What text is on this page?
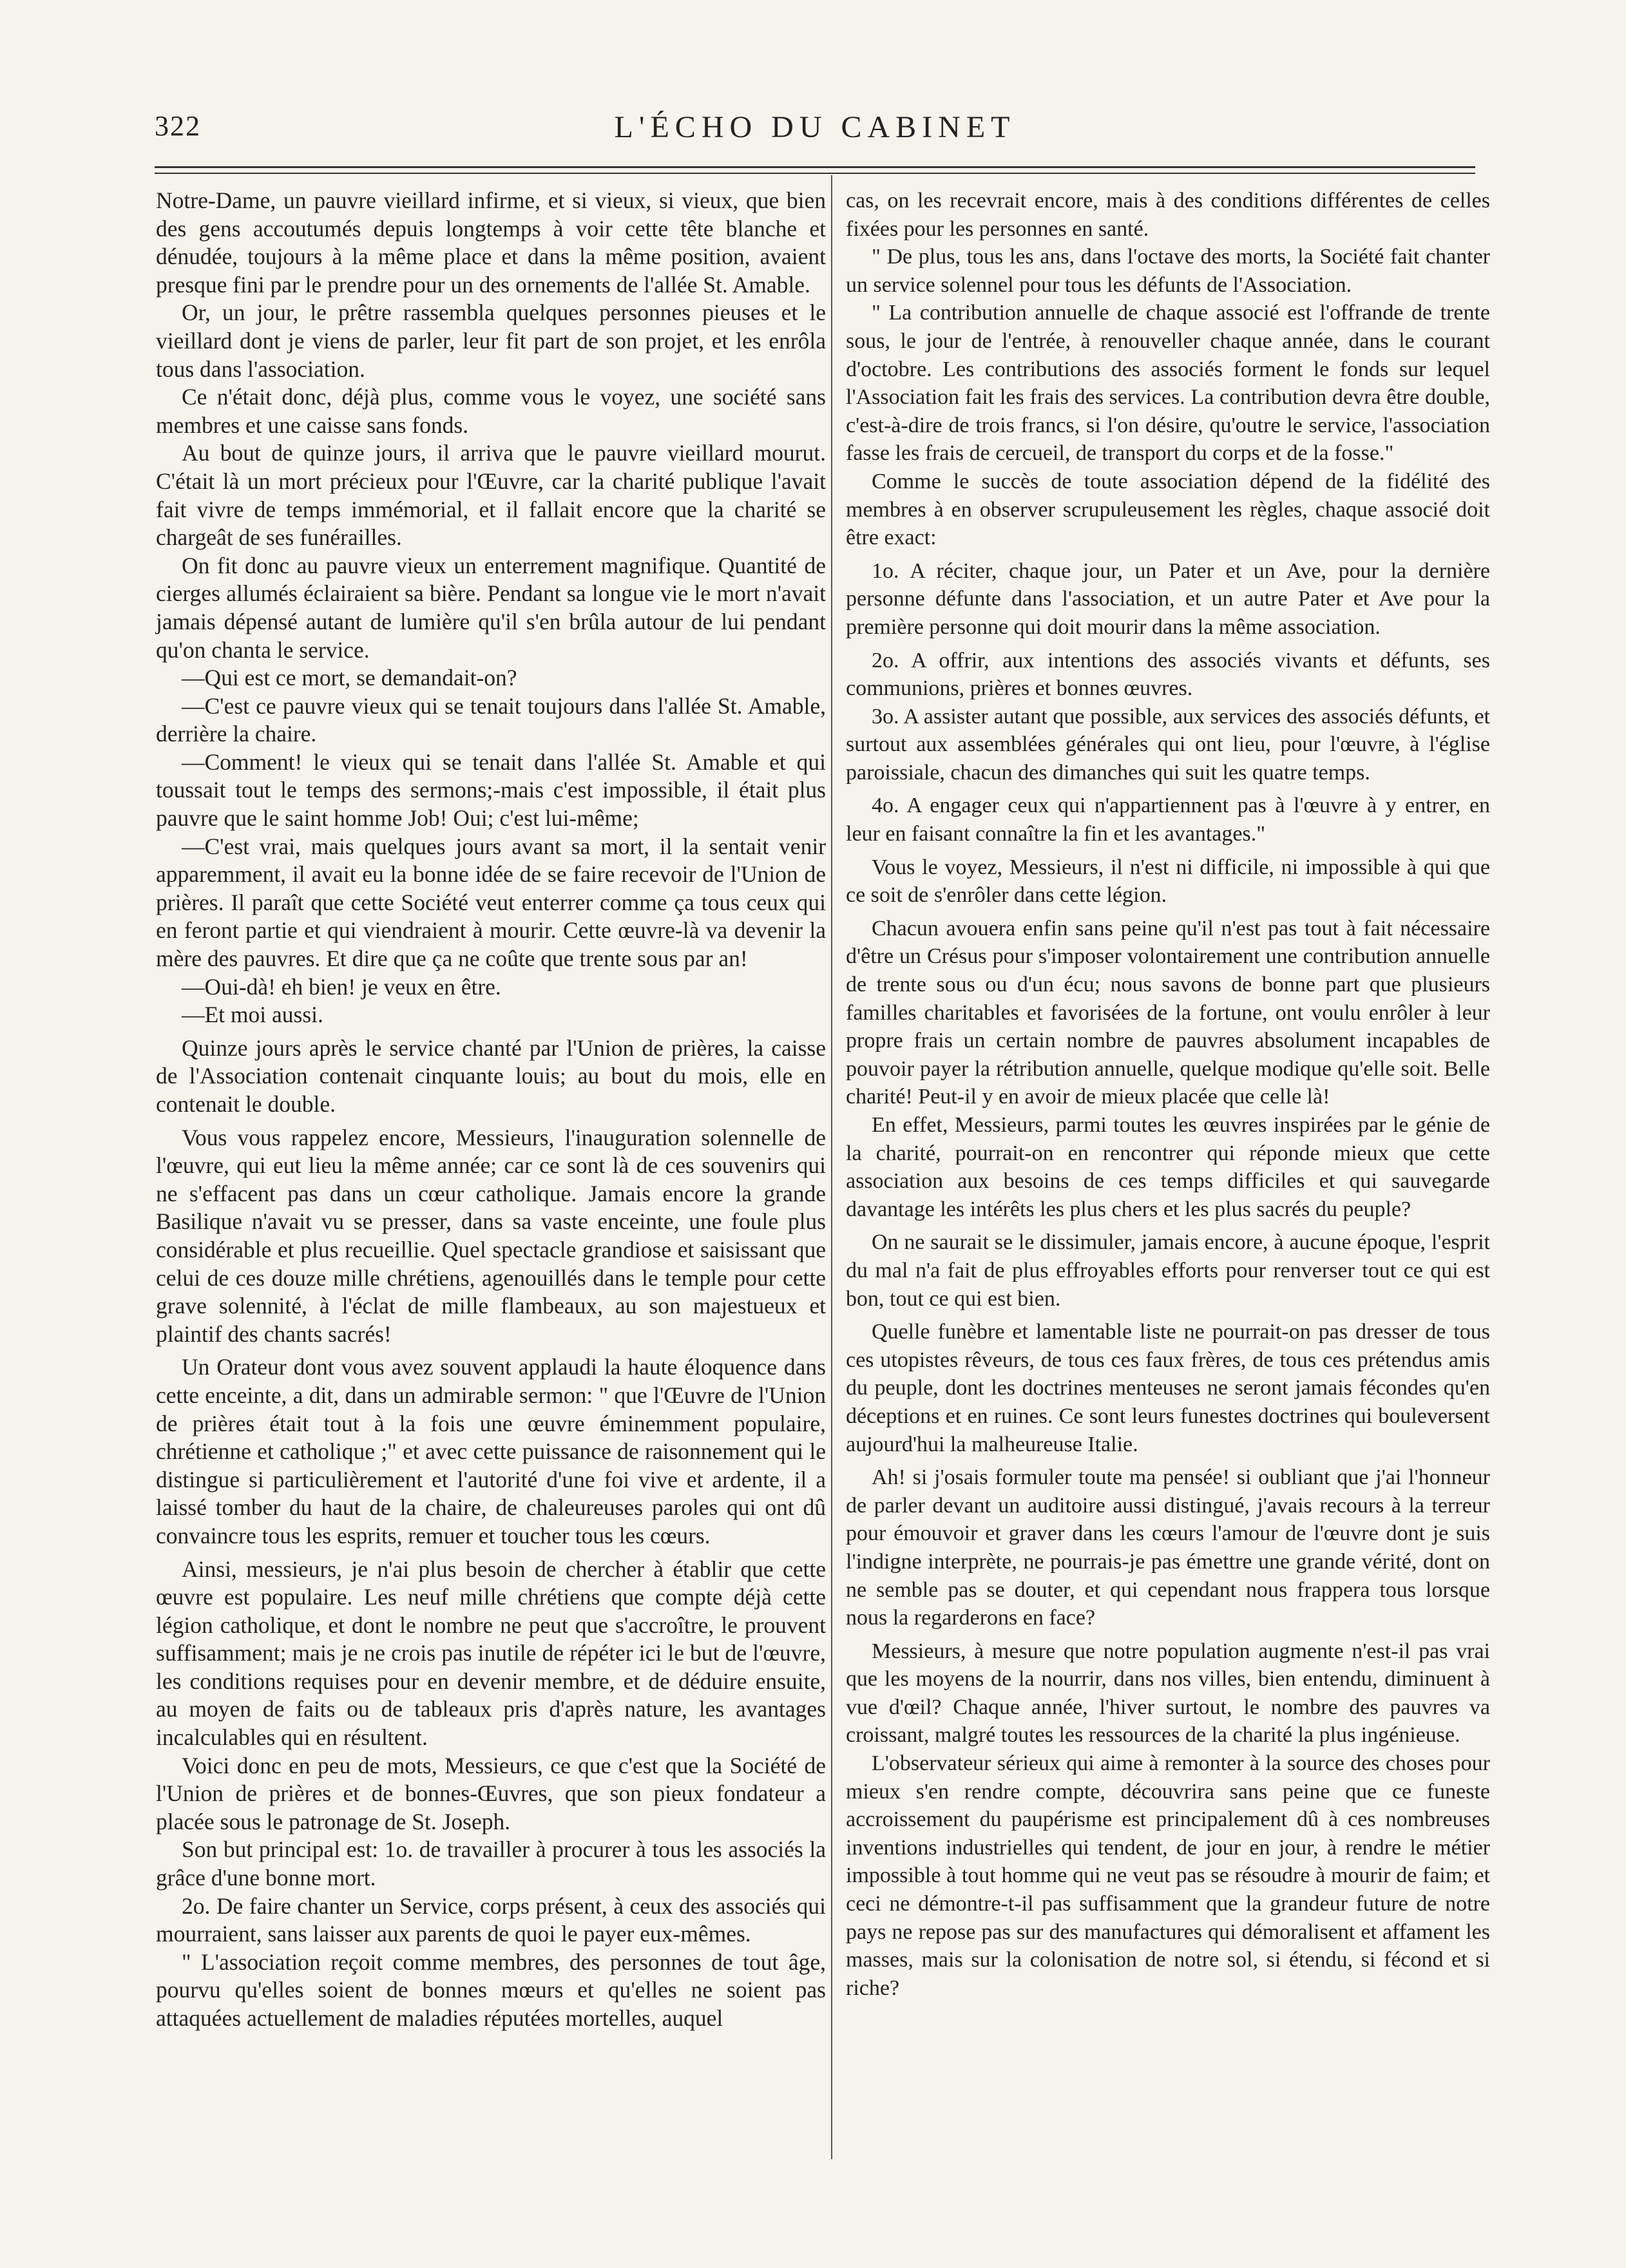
322	L'ÉCHO DU CABINET

Notre-Dame, un pauvre vieillard infirme, et si vieux, si vieux, que bien des gens accoutumés depuis longtemps à voir cette tête blanche et dénudée, toujours à la même place et dans la même position, avaient presque fini par le prendre pour un des ornements de l'allée St. Amable.

Or, un jour, le prêtre rassembla quelques personnes pieuses et le vieillard dont je viens de parler, leur fit part de son projet, et les enrôla tous dans l'association.

Ce n'était donc, déjà plus, comme vous le voyez, une société sans membres et une caisse sans fonds.

Au bout de quinze jours, il arriva que le pauvre vieillard mourut. C'était là un mort précieux pour l'Œuvre, car la charité publique l'avait fait vivre de temps immémorial, et il fallait encore que la charité se chargeât de ses funérailles.

On fit donc au pauvre vieux un enterrement magnifique. Quantité de cierges allumés éclairaient sa bière. Pendant sa longue vie le mort n'avait jamais dépensé autant de lumière qu'il s'en brûla autour de lui pendant qu'on chanta le service.

—Qui est ce mort, se demandait-on?

—C'est ce pauvre vieux qui se tenait toujours dans l'allée St. Amable, derrière la chaire.

—Comment! le vieux qui se tenait dans l'allée St. Amable et qui toussait tout le temps des sermons;-mais c'est impossible, il était plus pauvre que le saint homme Job! Oui; c'est lui-même;

—C'est vrai, mais quelques jours avant sa mort, il la sentait venir apparemment, il avait eu la bonne idée de se faire recevoir de l'Union de prières. Il paraît que cette Société veut enterrer comme ça tous ceux qui en feront partie et qui viendraient à mourir. Cette œuvre-là va devenir la mère des pauvres. Et dire que ça ne coûte que trente sous par an!

—Oui-dà! eh bien! je veux en être.

—Et moi aussi.

Quinze jours après le service chanté par l'Union de prières, la caisse de l'Association contenait cinquante louis; au bout du mois, elle en contenait le double.

Vous vous rappelez encore, Messieurs, l'inauguration solennelle de l'œuvre, qui eut lieu la même année; car ce sont là de ces souvenirs qui ne s'effacent pas dans un cœur catholique. Jamais encore la grande Basilique n'avait vu se presser, dans sa vaste enceinte, une foule plus considérable et plus recueillie. Quel spectacle grandiose et saisissant que celui de ces douze mille chrétiens, agenouillés dans le temple pour cette grave solennité, à l'éclat de mille flambeaux, au son majestueux et plaintif des chants sacrés!

Un Orateur dont vous avez souvent applaudi la haute éloquence dans cette enceinte, a dit, dans un admirable sermon: " que l'Œuvre de l'Union de prières était tout à la fois une œuvre éminemment populaire, chrétienne et catholique ;" et avec cette puissance de raisonnement qui le distingue si particulièrement et l'autorité d'une foi vive et ardente, il a laissé tomber du haut de la chaire, de chaleureuses paroles qui ont dû convaincre tous les esprits, remuer et toucher tous les cœurs.

Ainsi, messieurs, je n'ai plus besoin de chercher à établir que cette œuvre est populaire. Les neuf mille chrétiens que compte déjà cette légion catholique, et dont le nombre ne peut que s'accroître, le prouvent suffisamment; mais je ne crois pas inutile de répéter ici le but de l'œuvre, les conditions requises pour en devenir membre, et de déduire ensuite, au moyen de faits ou de tableaux pris d'après nature, les avantages incalculables qui en résultent.

Voici donc en peu de mots, Messieurs, ce que c'est que la Société de l'Union de prières et de bonnes-Œuvres, que son pieux fondateur a placée sous le patronage de St. Joseph.

Son but principal est: 1o. de travailler à procurer à tous les associés la grâce d'une bonne mort.

2o. De faire chanter un Service, corps présent, à ceux des associés qui mourraient, sans laisser aux parents de quoi le payer eux-mêmes.

" L'association reçoit comme membres, des personnes de tout âge, pourvu qu'elles soient de bonnes mœurs et qu'elles ne soient pas attaquées actuellement de maladies réputées mortelles, auquel

cas, on les recevrait encore, mais à des conditions différentes de celles fixées pour les personnes en santé.

" De plus, tous les ans, dans l'octave des morts, la Société fait chanter un service solennel pour tous les défunts de l'Association.

" La contribution annuelle de chaque associé est l'offrande de trente sous, le jour de l'entrée, à renouveller chaque année, dans le courant d'octobre. Les contributions des associés forment le fonds sur lequel l'Association fait les frais des services. La contribution devra être double, c'est-à-dire de trois francs, si l'on désire, qu'outre le service, l'association fasse les frais de cercueil, de transport du corps et de la fosse."

Comme le succès de toute association dépend de la fidélité des membres à en observer scrupuleusement les règles, chaque associé doit être exact:

1o. A réciter, chaque jour, un Pater et un Ave, pour la dernière personne défunte dans l'association, et un autre Pater et Ave pour la première personne qui doit mourir dans la même association.

2o. A offrir, aux intentions des associés vivants et défunts, ses communions, prières et bonnes œuvres.

3o. A assister autant que possible, aux services des associés défunts, et surtout aux assemblées générales qui ont lieu, pour l'œuvre, à l'église paroissiale, chacun des dimanches qui suit les quatre temps.

4o. A engager ceux qui n'appartiennent pas à l'œuvre à y entrer, en leur en faisant connaître la fin et les avantages."

Vous le voyez, Messieurs, il n'est ni difficile, ni impossible à qui que ce soit de s'enrôler dans cette légion.

Chacun avouera enfin sans peine qu'il n'est pas tout à fait nécessaire d'être un Crésus pour s'imposer volontairement une contribution annuelle de trente sous ou d'un écu; nous savons de bonne part que plusieurs familles charitables et favorisées de la fortune, ont voulu enrôler à leur propre frais un certain nombre de pauvres absolument incapables de pouvoir payer la rétribution annuelle, quelque modique qu'elle soit. Belle charité! Peut-il y en avoir de mieux placée que celle là!

En effet, Messieurs, parmi toutes les œuvres inspirées par le génie de la charité, pourrait-on en rencontrer qui réponde mieux que cette association aux besoins de ces temps difficiles et qui sauvegarde davantage les intérêts les plus chers et les plus sacrés du peuple?

On ne saurait se le dissimuler, jamais encore, à aucune époque, l'esprit du mal n'a fait de plus effroyables efforts pour renverser tout ce qui est bon, tout ce qui est bien.

Quelle funèbre et lamentable liste ne pourrait-on pas dresser de tous ces utopistes rêveurs, de tous ces faux frères, de tous ces prétendus amis du peuple, dont les doctrines menteuses ne seront jamais fécondes qu'en déceptions et en ruines. Ce sont leurs funestes doctrines qui bouleversent aujourd'hui la malheureuse Italie.

Ah! si j'osais formuler toute ma pensée! si oubliant que j'ai l'honneur de parler devant un auditoire aussi distingué, j'avais recours à la terreur pour émouvoir et graver dans les cœurs l'amour de l'œuvre dont je suis l'indigne interprète, ne pourrais-je pas émettre une grande vérité, dont on ne semble pas se douter, et qui cependant nous frappera tous lorsque nous la regarderons en face?

Messieurs, à mesure que notre population augmente n'est-il pas vrai que les moyens de la nourrir, dans nos villes, bien entendu, diminuent à vue d'œil? Chaque année, l'hiver surtout, le nombre des pauvres va croissant, malgré toutes les ressources de la charité la plus ingénieuse.

L'observateur sérieux qui aime à remonter à la source des choses pour mieux s'en rendre compte, découvrira sans peine que ce funeste accroissement du paupérisme est principalement dû à ces nombreuses inventions industrielles qui tendent, de jour en jour, à rendre le métier impossible à tout homme qui ne veut pas se résoudre à mourir de faim; et ceci ne démontre-t-il pas suffisamment que la grandeur future de notre pays ne repose pas sur des manufactures qui démoralisent et affament les masses, mais sur la colonisation de notre sol, si étendu, si fécond et si riche?
